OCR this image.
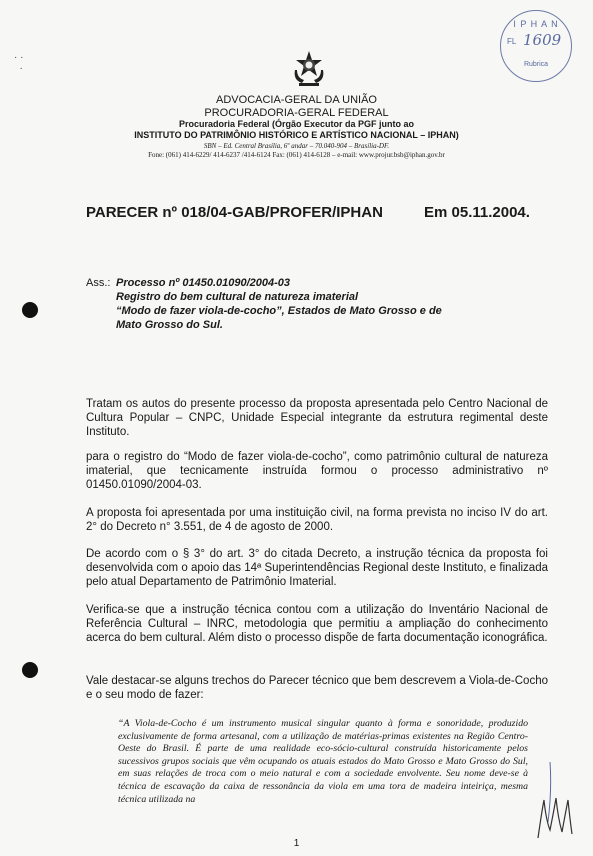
· ·
·
I P H A N
FL 1609
Rubrica
ADVOCACIA-GERAL DA UNIÃO
PROCURADORIA-GERAL FEDERAL
Procuradoria Federal (Órgão Executor da PGF junto ao
INSTITUTO DO PATRIMÔNIO HISTÓRICO E ARTÍSTICO NACIONAL – IPHAN)
SBN – Ed. Central Brasília, 6º andar – 70.040-904 – Brasília-DF.
Fone: (061) 414-6229/ 414-6237 /414-6124 Fax: (061) 414-6128 – e-mail: www.projur.bsb@iphan.gov.br
PARECER nº 018/04-GAB/PROFER/IPHAN	Em 05.11.2004.
Ass.: Processo nº 01450.01090/2004-03
Registro do bem cultural de natureza imaterial
“Modo de fazer viola-de-cocho”, Estados de Mato Grosso e de
Mato Grosso do Sul.
Tratam os autos do presente processo da proposta apresentada pelo Centro Nacional de Cultura Popular – CNPC, Unidade Especial integrante da estrutura regimental deste Instituto.
para o registro do “Modo de fazer viola-de-cocho”, como patrimônio cultural de natureza imaterial, que tecnicamente instruída formou o processo administrativo nº 01450.01090/2004-03.
A proposta foi apresentada por uma instituição civil, na forma prevista no inciso IV do art. 2° do Decreto n° 3.551, de 4 de agosto de 2000.
De acordo com o § 3° do art. 3° do citada Decreto, a instrução técnica da proposta foi desenvolvida com o apoio das 14ª Superintendências Regional deste Instituto, e finalizada pelo atual Departamento de Patrimônio Imaterial.
Verifica-se que a instrução técnica contou com a utilização do Inventário Nacional de Referência Cultural – INRC, metodologia que permitiu a ampliação do conhecimento acerca do bem cultural. Além disto o processo dispõe de farta documentação iconográfica.
Vale destacar-se alguns trechos do Parecer técnico que bem descrevem a Viola-de-Cocho e o seu modo de fazer:
“A Viola-de-Cocho é um instrumento musical singular quanto à forma e sonoridade, produzido exclusivamente de forma artesanal, com a utilização de matérias-primas existentes na Região Centro-Oeste do Brasil. É parte de uma realidade eco-sócio-cultural construída historicamente pelos sucessivos grupos sociais que vêm ocupando os atuais estados do Mato Grosso e Mato Grosso do Sul, em suas relações de troca com o meio natural e com a sociedade envolvente. Seu nome deve-se à técnica de escavação da caixa de ressonância da viola em uma tora de madeira inteiriça, mesma técnica utilizada na
1
